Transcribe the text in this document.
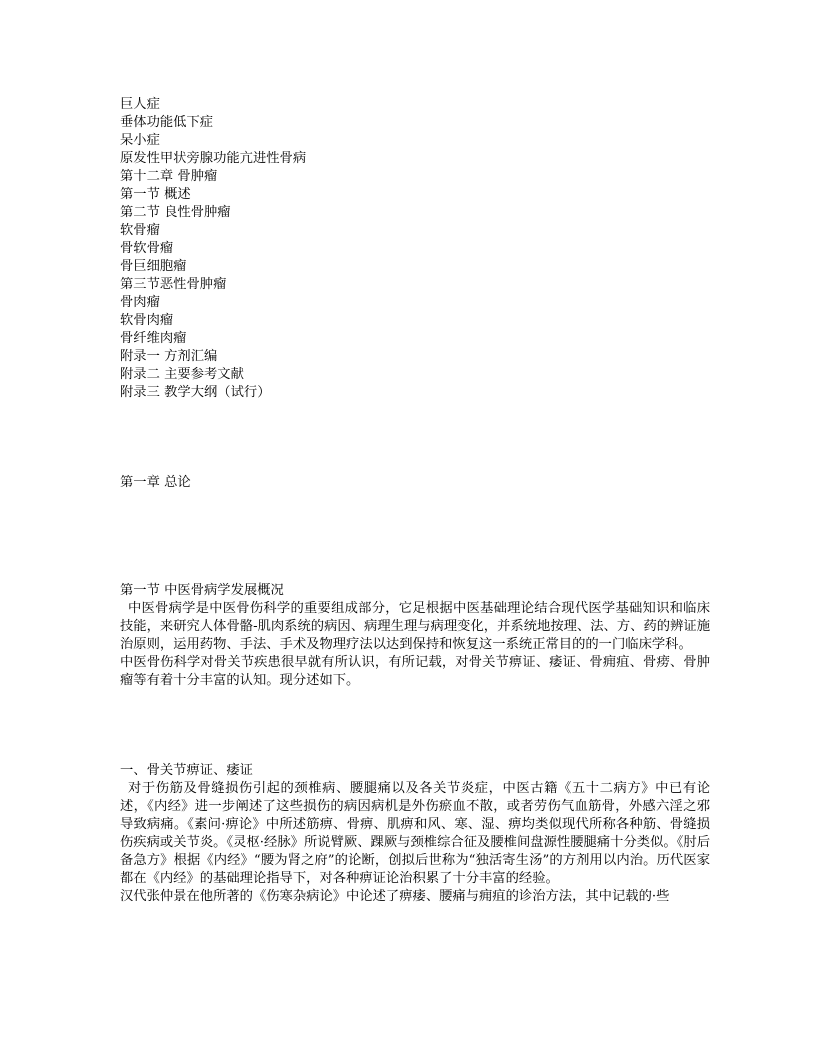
巨人症
垂体功能低下症
呆小症
原发性甲状旁腺功能亢进性骨病
第十二章 骨肿瘤
第一节 概述
第二节 良性骨肿瘤
软骨瘤
骨软骨瘤
骨巨细胞瘤
第三节恶性骨肿瘤
骨肉瘤
软骨肉瘤
骨纤维肉瘤
附录一 方剂汇编
附录二 主要参考文献
附录三 教学大纲（试行）
第一章 总论
第一节 中医骨病学发展概况
中医骨病学是中医骨伤科学的重要组成部分，它足根据中医基础理论结合现代医学基础知识和临床技能，来研究人体骨骼-肌肉系统的病因、病理生理与病理变化，并系统地按理、法、方、药的辨证施治原则，运用药物、手法、手术及物理疗法以达到保持和恢复这一系统正常目的的一门临床学科。
中医骨伤科学对骨关节疾患很早就有所认识，有所记载，对骨关节痹证、痿证、骨痈疽、骨痨、骨肿瘤等有着十分丰富的认知。现分述如下。
一、骨关节痹证、痿证
对于伤筋及骨缝损伤引起的颈椎病、腰腿痛以及各关节炎症，中医古籍《五十二病方》中已有论述，《内经》进一步阐述了这些损伤的病因病机是外伤瘀血不散，或者劳伤气血筋骨，外感六淫之邪导致病痛。《素问·痹论》中所述筋痹、骨痹、肌痹和风、寒、湿、痹均类似现代所称各种筋、骨缝损伤疾病或关节炎。《灵枢·经脉》所说臂厥、踝厥与颈椎综合征及腰椎间盘源性腰腿痛十分类似。《肘后备急方》根据《内经》“腰为肾之府”的论断，创拟后世称为“独活寄生汤”的方剂用以内治。历代医家都在《内经》的基础理论指导下，对各种痹证论治积累了十分丰富的经验。
汉代张仲景在他所著的《伤寒杂病论》中论述了痹痿、腰痛与痈疽的诊治方法，其中记载的·些
